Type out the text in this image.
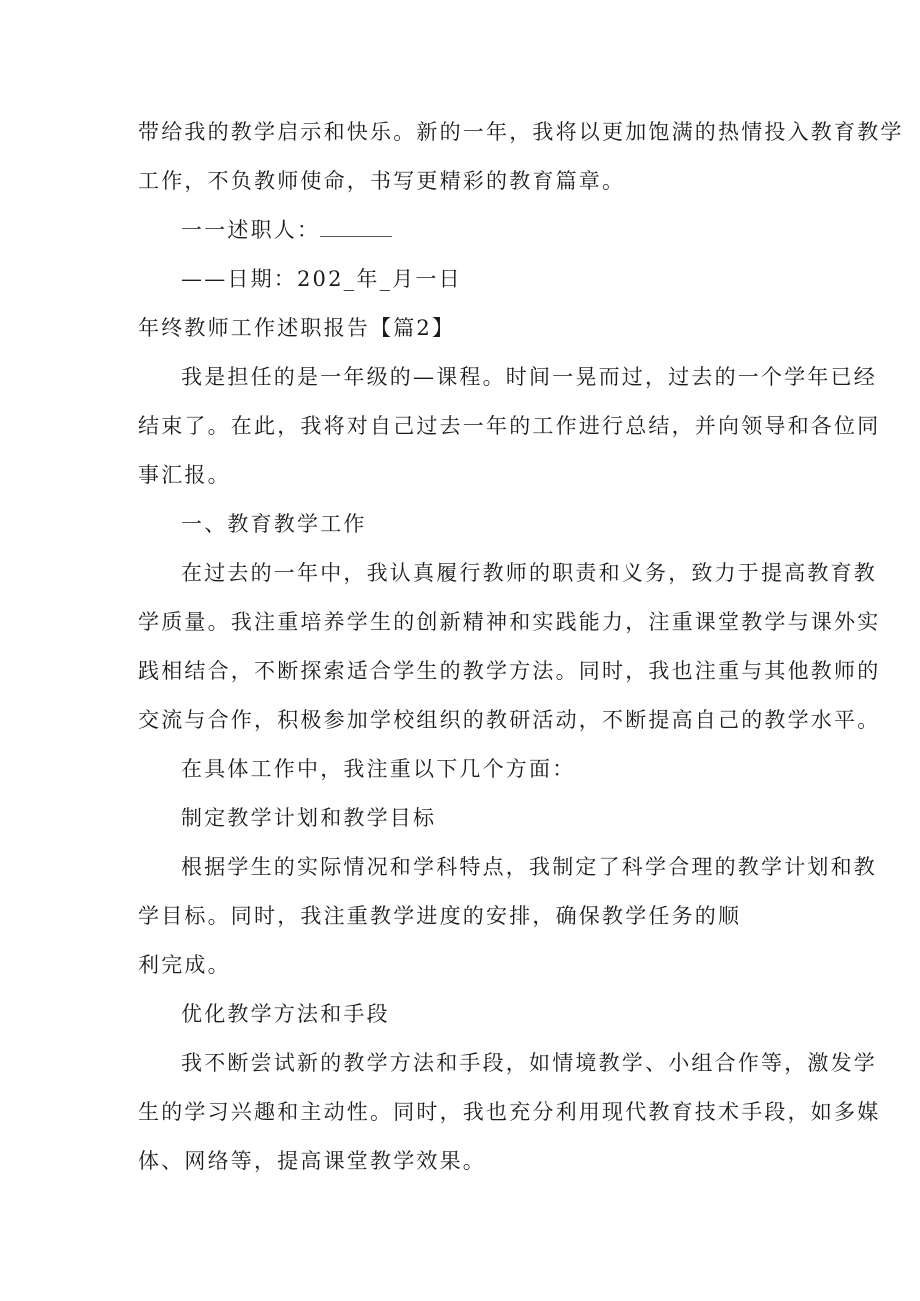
带给我的教学启示和快乐。新的一年，我将以更加饱满的热情投入教育教学

工作，不负教师使命，书写更精彩的教育篇章。

一一述职人：

——日期：202_年_月一日

年终教师工作述职报告【篇2】

我是担任的是一年级的—课程。时间一晃而过，过去的一个学年已经

结束了。在此，我将对自己过去一年的工作进行总结，并向领导和各位同

事汇报。

一、教育教学工作

在过去的一年中，我认真履行教师的职责和义务，致力于提高教育教

学质量。我注重培养学生的创新精神和实践能力，注重课堂教学与课外实

践相结合，不断探索适合学生的教学方法。同时，我也注重与其他教师的

交流与合作，积极参加学校组织的教研活动，不断提高自己的教学水平。

在具体工作中，我注重以下几个方面：

制定教学计划和教学目标

根据学生的实际情况和学科特点，我制定了科学合理的教学计划和教

学目标。同时，我注重教学进度的安排，确保教学任务的顺

利完成。

优化教学方法和手段

我不断尝试新的教学方法和手段，如情境教学、小组合作等，激发学

生的学习兴趣和主动性。同时，我也充分利用现代教育技术手段，如多媒

体、网络等，提高课堂教学效果。
